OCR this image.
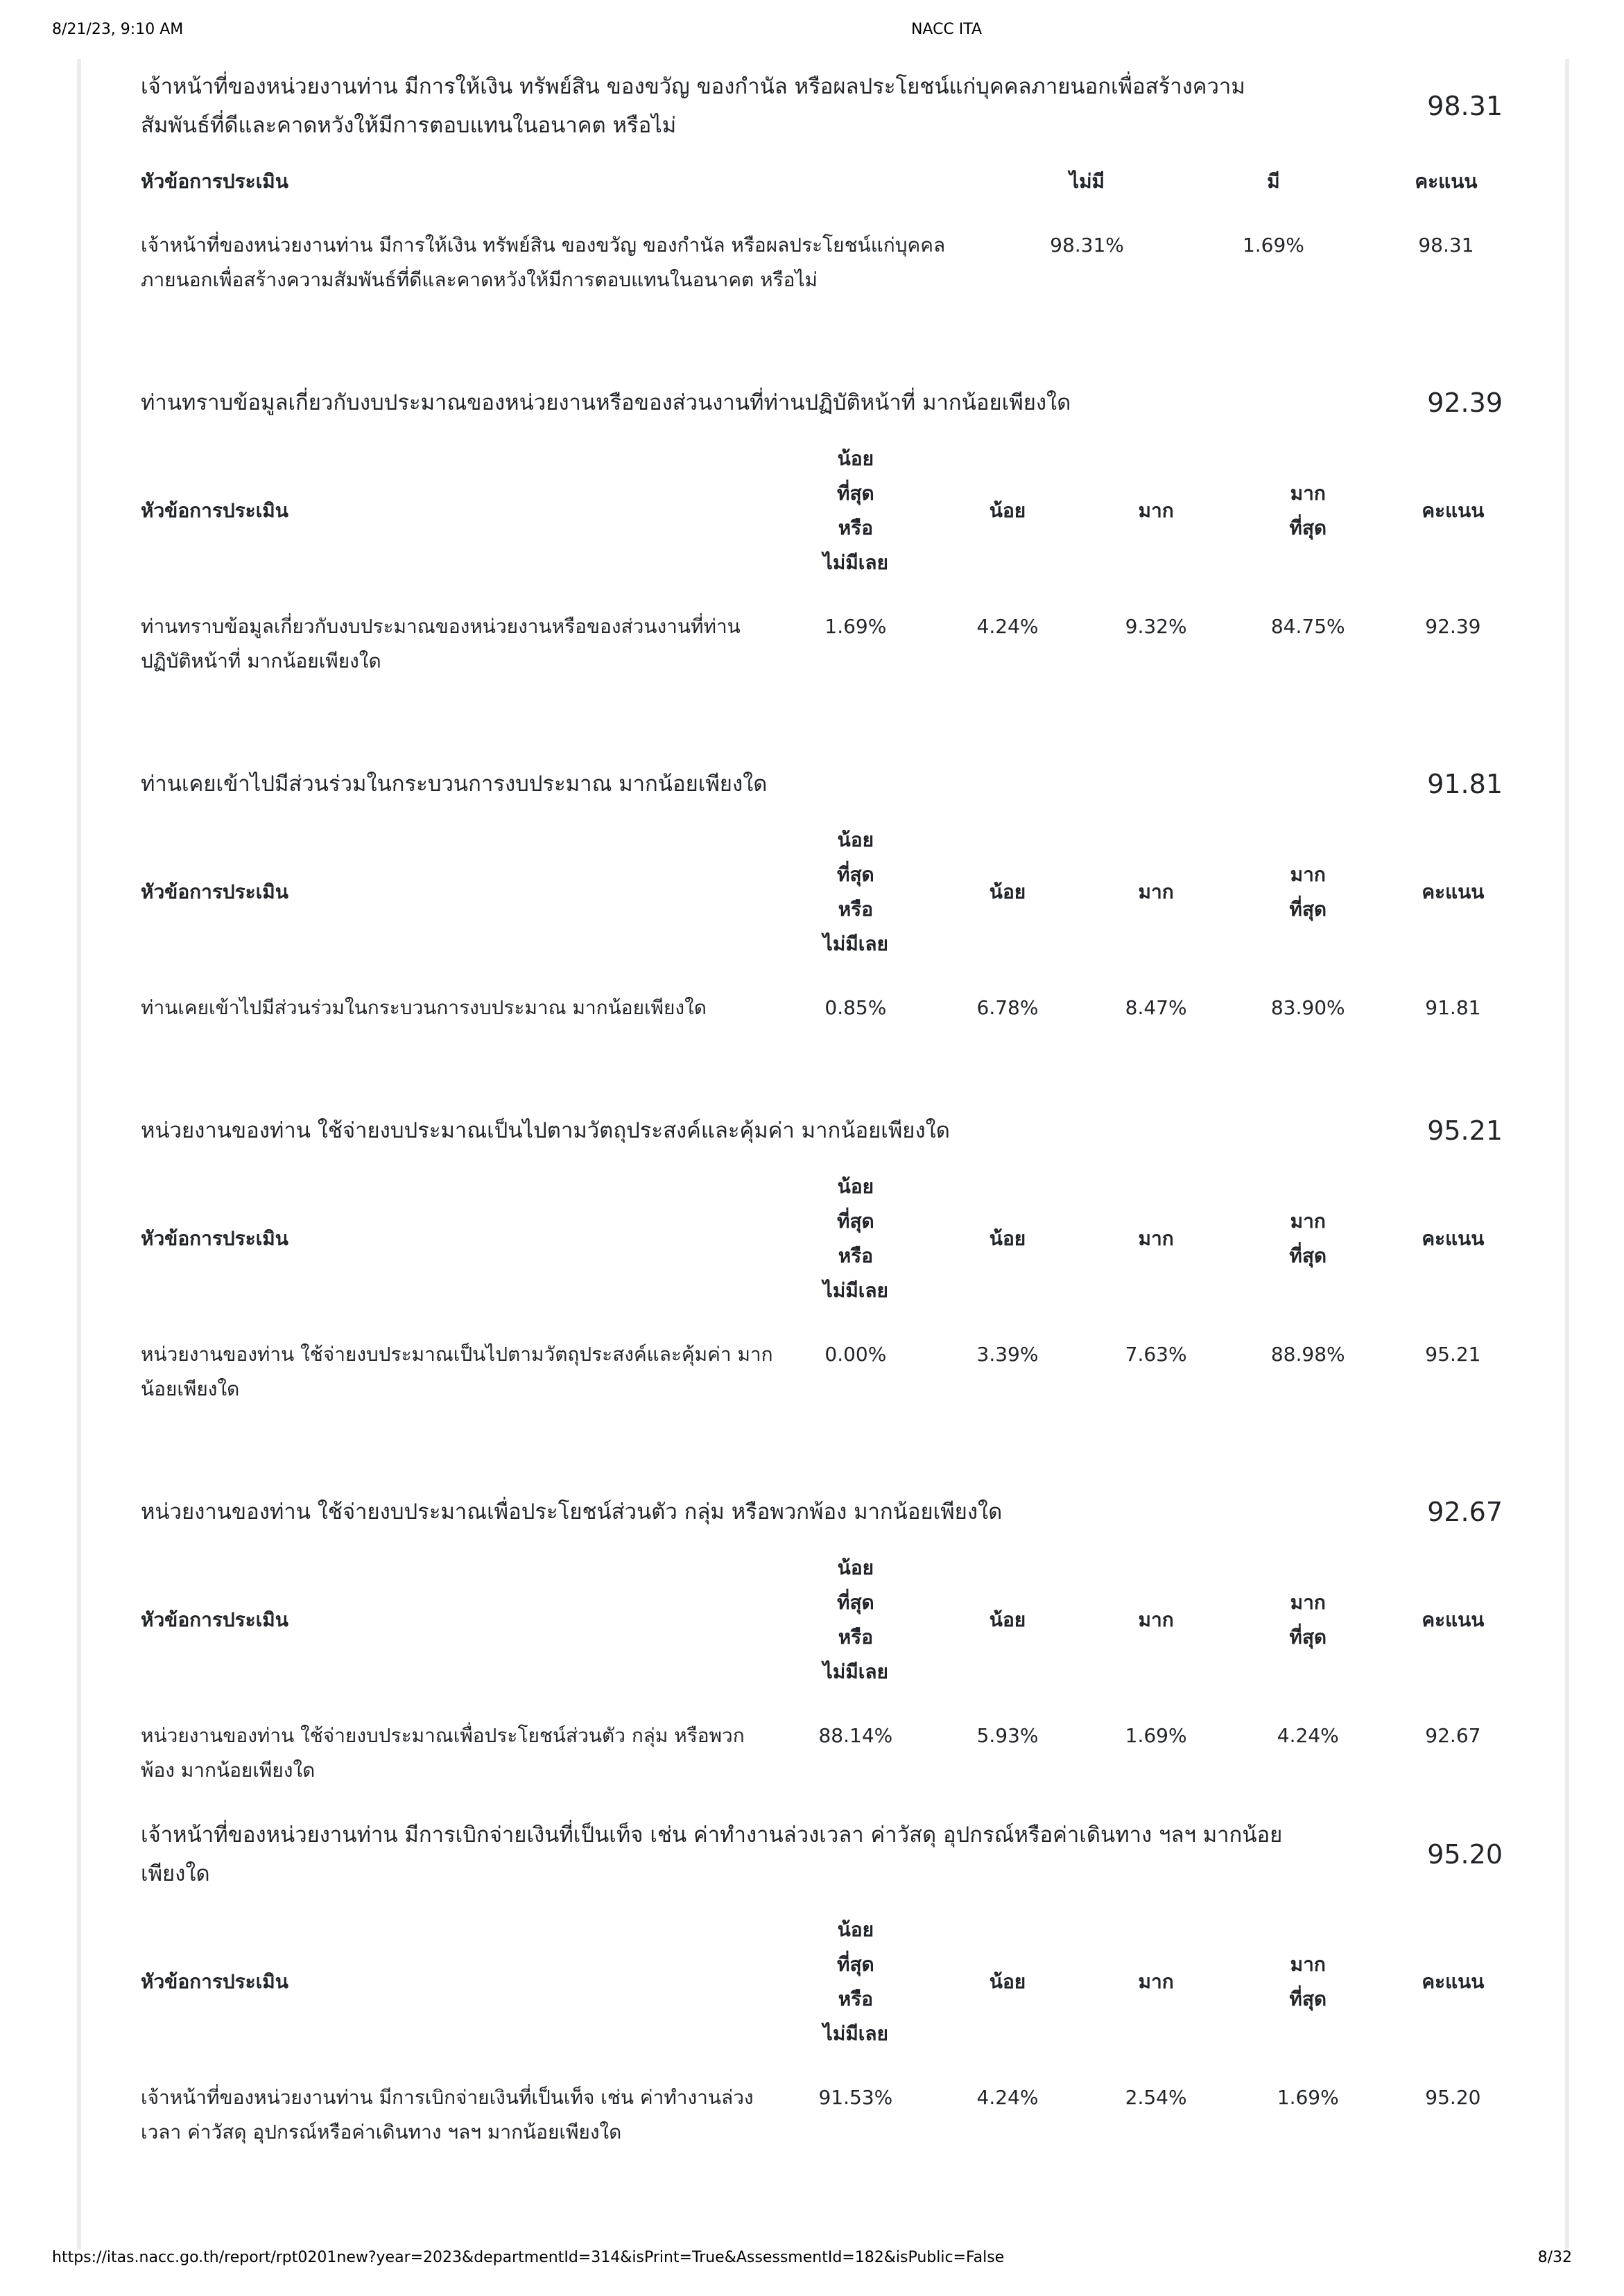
8/21/23, 9:10 AM	NACC ITA
เจ้าหน้าที่ของหน่วยงานท่าน มีการให้เงิน ทรัพย์สิน ของขวัญ ของกำนัล หรือผลประโยชน์แก่บุคคลภายนอกเพื่อสร้างความสัมพันธ์ที่ดีและคาดหวังให้มีการตอบแทนในอนาคต หรือไม่
98.31
หัวข้อการประเมิน	ไม่มี	มี	คะแนน
เจ้าหน้าที่ของหน่วยงานท่าน มีการให้เงิน ทรัพย์สิน ของขวัญ ของกำนัล หรือผลประโยชน์แก่บุคคลภายนอกเพื่อสร้างความสัมพันธ์ที่ดีและคาดหวังให้มีการตอบแทนในอนาคต หรือไม่	98.31%	1.69%	98.31
ท่านทราบข้อมูลเกี่ยวกับงบประมาณของหน่วยงานหรือของส่วนงานที่ท่านปฏิบัติหน้าที่ มากน้อยเพียงใด	92.39
หัวข้อการประเมิน	น้อย
ที่สุด
หรือ
ไม่มีเลย	น้อย	มาก	มาก
ที่สุด	คะแนน
ท่านทราบข้อมูลเกี่ยวกับงบประมาณของหน่วยงานหรือของส่วนงานที่ท่านปฏิบัติหน้าที่ มากน้อยเพียงใด	1.69%	4.24%	9.32%	84.75%	92.39
ท่านเคยเข้าไปมีส่วนร่วมในกระบวนการงบประมาณ มากน้อยเพียงใด	91.81
หัวข้อการประเมิน	น้อย
ที่สุด
หรือ
ไม่มีเลย	น้อย	มาก	มาก
ที่สุด	คะแนน
ท่านเคยเข้าไปมีส่วนร่วมในกระบวนการงบประมาณ มากน้อยเพียงใด	0.85%	6.78%	8.47%	83.90%	91.81
หน่วยงานของท่าน ใช้จ่ายงบประมาณเป็นไปตามวัตถุประสงค์และคุ้มค่า มากน้อยเพียงใด	95.21
หัวข้อการประเมิน	น้อย
ที่สุด
หรือ
ไม่มีเลย	น้อย	มาก	มาก
ที่สุด	คะแนน
หน่วยงานของท่าน ใช้จ่ายงบประมาณเป็นไปตามวัตถุประสงค์และคุ้มค่า มากน้อยเพียงใด	0.00%	3.39%	7.63%	88.98%	95.21
หน่วยงานของท่าน ใช้จ่ายงบประมาณเพื่อประโยชน์ส่วนตัว กลุ่ม หรือพวกพ้อง มากน้อยเพียงใด	92.67
หัวข้อการประเมิน	น้อย
ที่สุด
หรือ
ไม่มีเลย	น้อย	มาก	มาก
ที่สุด	คะแนน
หน่วยงานของท่าน ใช้จ่ายงบประมาณเพื่อประโยชน์ส่วนตัว กลุ่ม หรือพวกพ้อง มากน้อยเพียงใด	88.14%	5.93%	1.69%	4.24%	92.67
เจ้าหน้าที่ของหน่วยงานท่าน มีการเบิกจ่ายเงินที่เป็นเท็จ เช่น ค่าทำงานล่วงเวลา ค่าวัสดุ อุปกรณ์หรือค่าเดินทาง ฯลฯ มากน้อยเพียงใด
95.20
หัวข้อการประเมิน	น้อย
ที่สุด
หรือ
ไม่มีเลย	น้อย	มาก	มาก
ที่สุด	คะแนน
เจ้าหน้าที่ของหน่วยงานท่าน มีการเบิกจ่ายเงินที่เป็นเท็จ เช่น ค่าทำงานล่วงเวลา ค่าวัสดุ อุปกรณ์หรือค่าเดินทาง ฯลฯ มากน้อยเพียงใด	91.53%	4.24%	2.54%	1.69%	95.20
https://itas.nacc.go.th/report/rpt0201new?year=2023&departmentId=314&isPrint=True&AssessmentId=182&isPublic=False	8/32
